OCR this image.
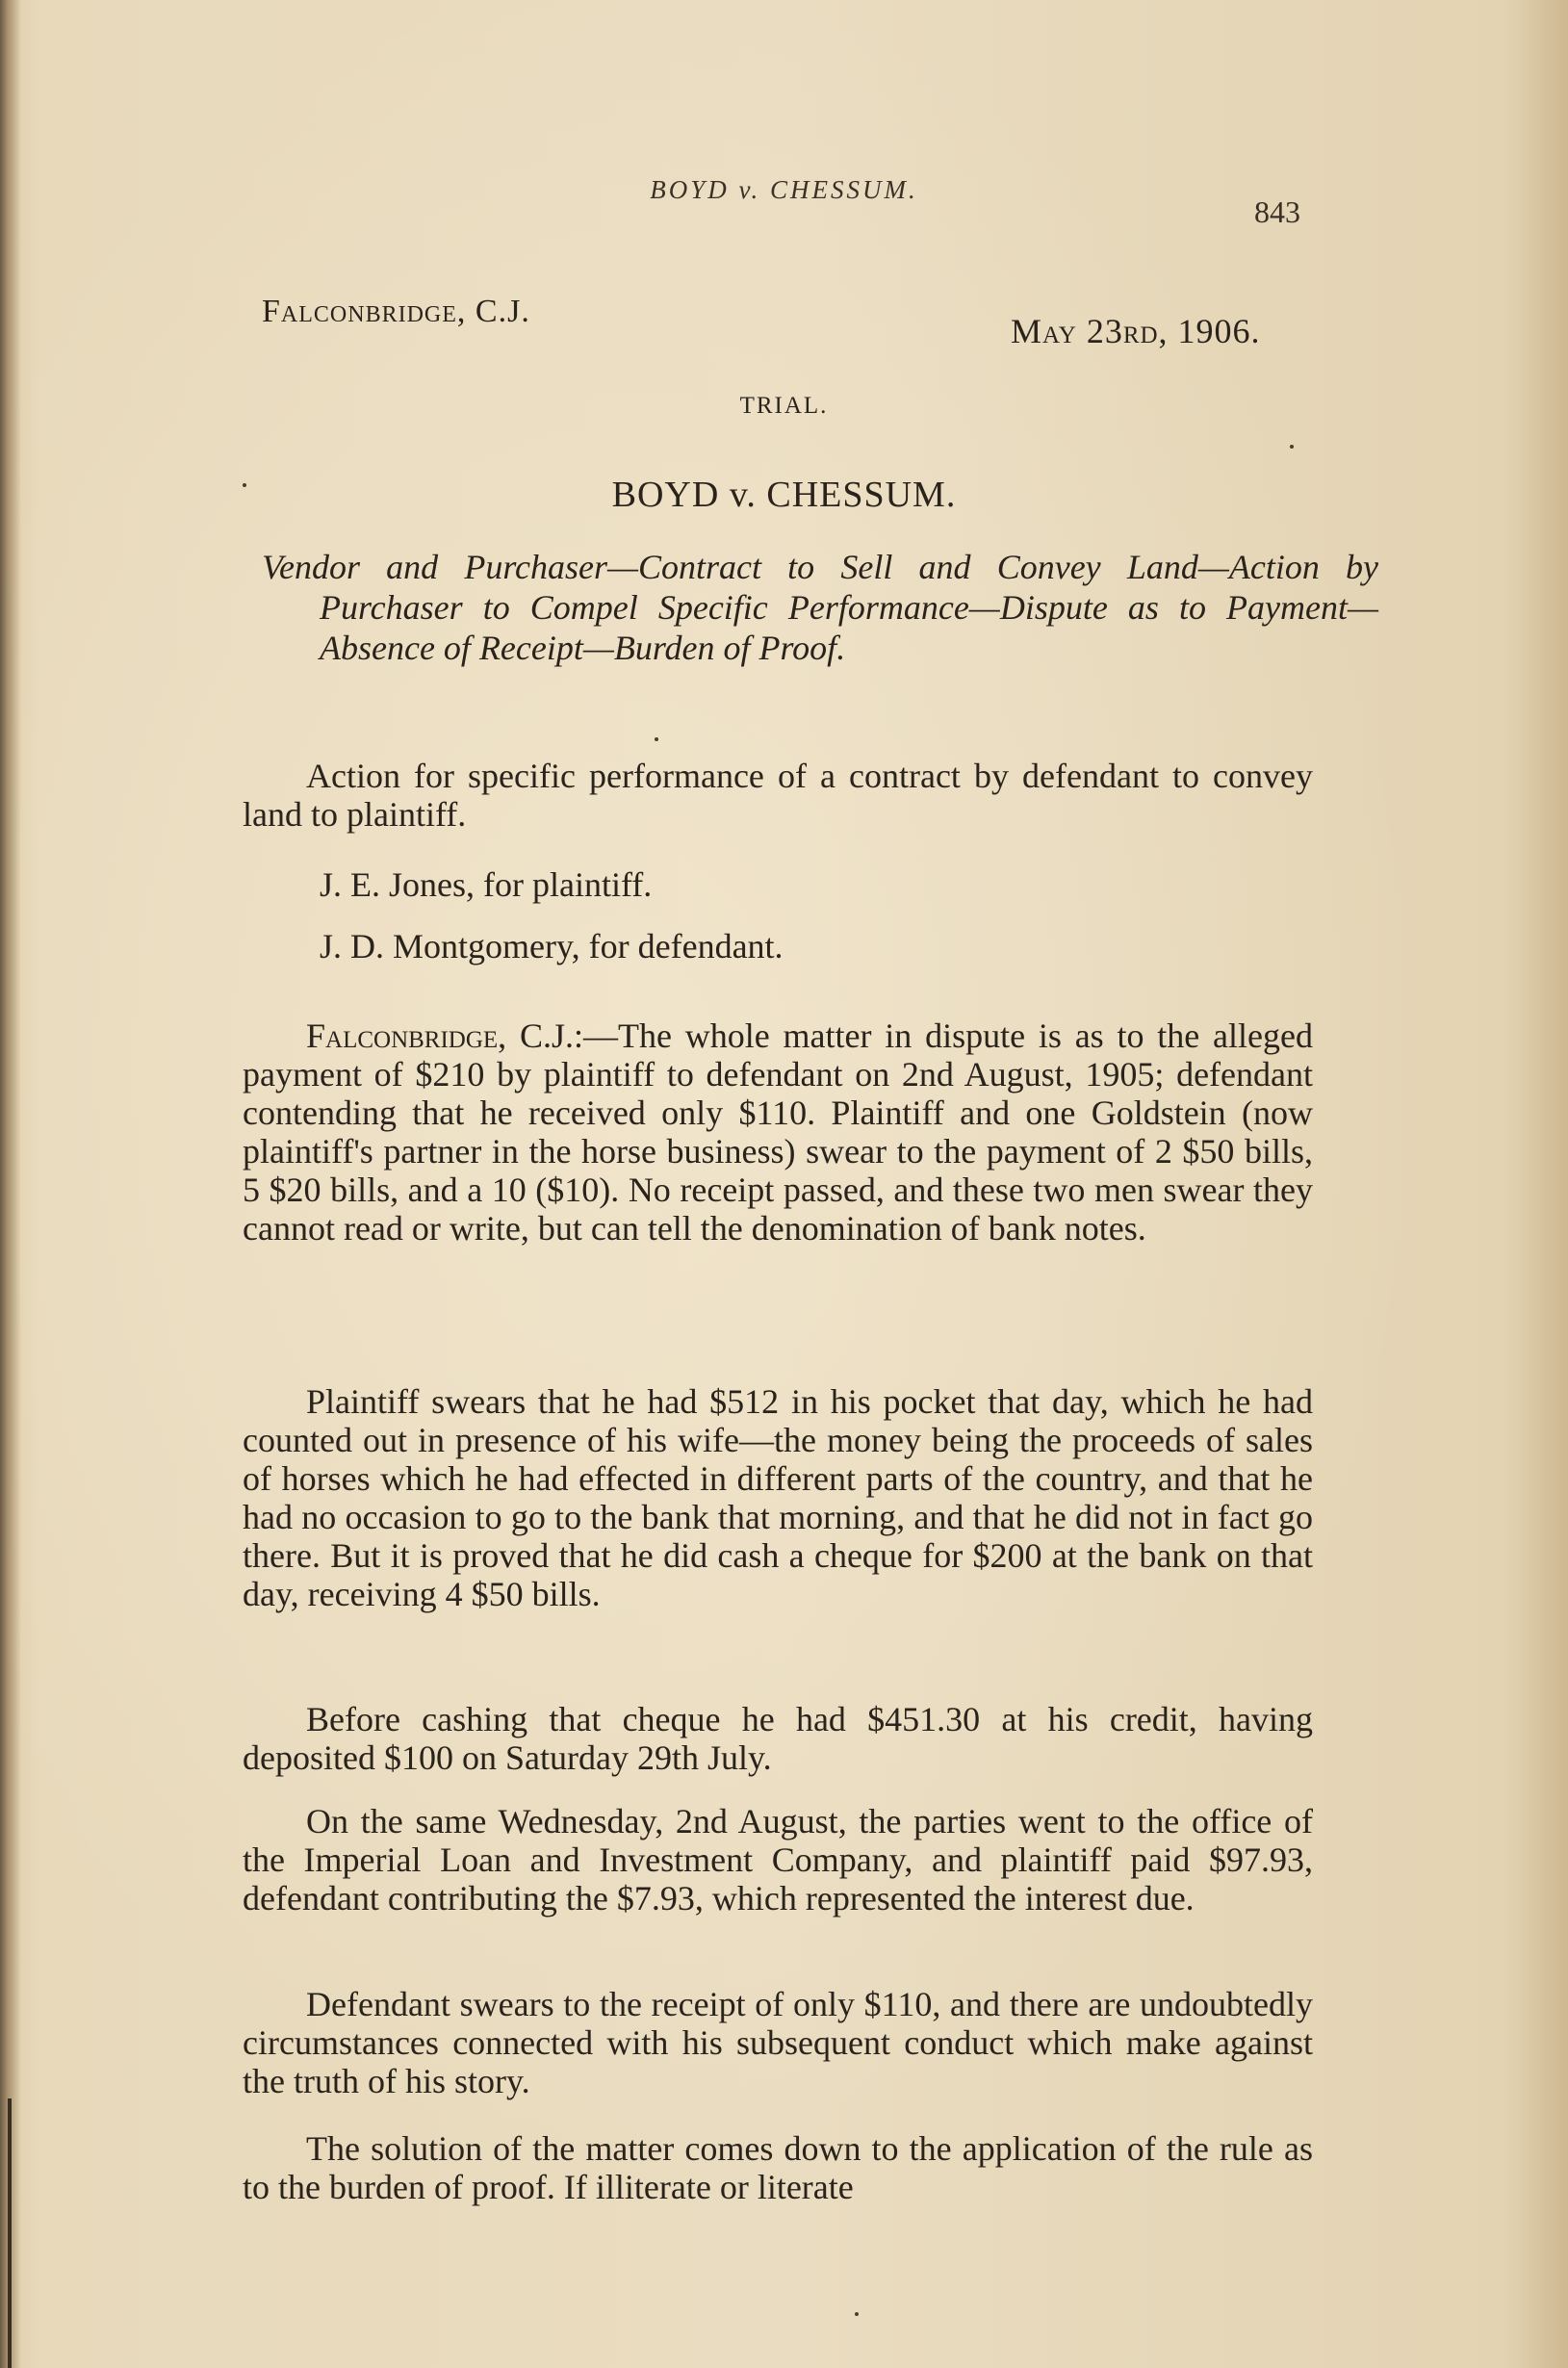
BOYD v. CHESSUM.
843
Falconbridge, C.J.
May 23rd, 1906.
TRIAL.
BOYD v. CHESSUM.
Vendor and Purchaser—Contract to Sell and Convey Land—Action by Purchaser to Compel Specific Performance—Dispute as to Payment—Absence of Receipt—Burden of Proof.
Action for specific performance of a contract by defendant to convey land to plaintiff.
J. E. Jones, for plaintiff.
J. D. Montgomery, for defendant.
Falconbridge, C.J.:—The whole matter in dispute is as to the alleged payment of $210 by plaintiff to defendant on 2nd August, 1905; defendant contending that he received only $110. Plaintiff and one Goldstein (now plaintiff's partner in the horse business) swear to the payment of 2 $50 bills, 5 $20 bills, and a 10 ($10). No receipt passed, and these two men swear they cannot read or write, but can tell the denomination of bank notes.
Plaintiff swears that he had $512 in his pocket that day, which he had counted out in presence of his wife—the money being the proceeds of sales of horses which he had effected in different parts of the country, and that he had no occasion to go to the bank that morning, and that he did not in fact go there. But it is proved that he did cash a cheque for $200 at the bank on that day, receiving 4 $50 bills.
Before cashing that cheque he had $451.30 at his credit, having deposited $100 on Saturday 29th July.
On the same Wednesday, 2nd August, the parties went to the office of the Imperial Loan and Investment Company, and plaintiff paid $97.93, defendant contributing the $7.93, which represented the interest due.
Defendant swears to the receipt of only $110, and there are undoubtedly circumstances connected with his subsequent conduct which make against the truth of his story.
The solution of the matter comes down to the application of the rule as to the burden of proof. If illiterate or literate
